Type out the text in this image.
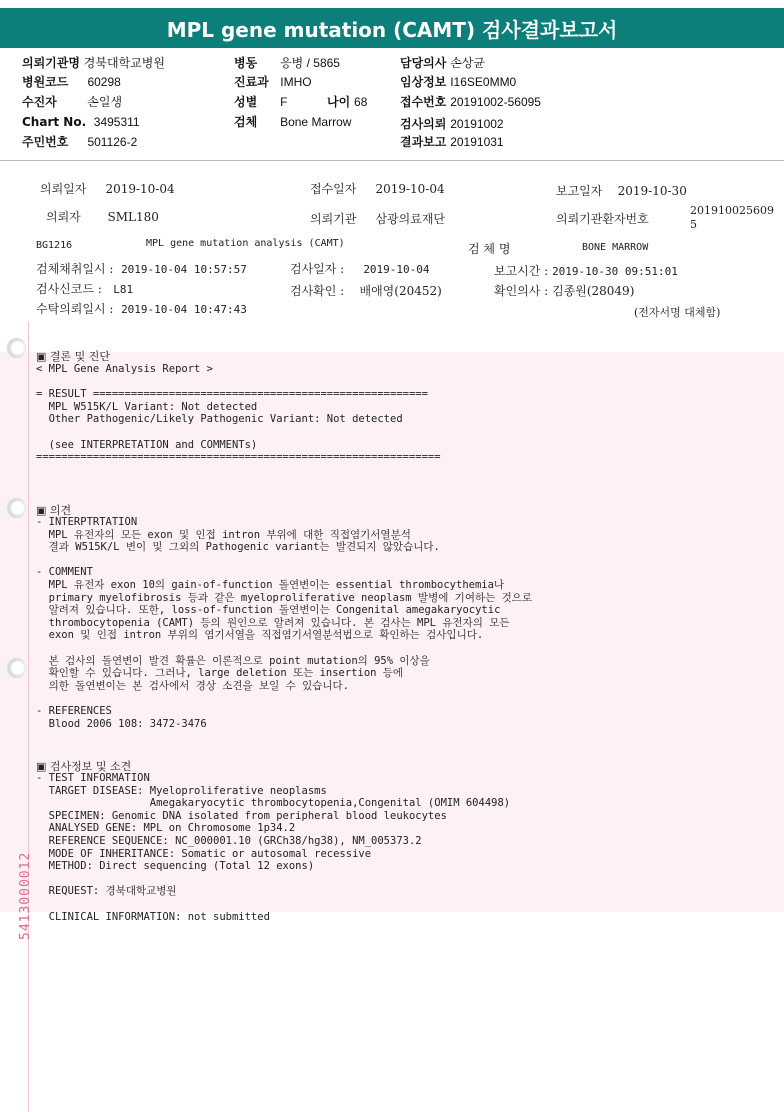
MPL gene mutation (CAMT) 검사결과보고서
의뢰기관명 경북대학교병원
병원코드 60298
수진자	손일생
Chart No. 3495311
주민번호 501126-2
병동 응병 / 5865
진료과 IMHO
성별 F	나이 68
검체 Bone Marrow
담당의사 손상균
임상정보 I16SE0MM0
접수번호 20191002-56095
검사의뢰 20191002
결과보고 20191031
의뢰일자 2019-10-04	접수일자 2019-10-04	보고일자 2019-10-30
의뢰자 SML180	의뢰기관 삼광의료재단	의뢰기관환자번호
201910025609
5
BG1216	MPL gene mutation analysis (CAMT)	검 체 명	BONE MARROW
검체채취일시 : 2019-10-04 10:57:57	검사일자 : 2019-10-04	보고시간 : 2019-10-30 09:51:01
검사신코드 : L81	검사확인 : 배애영(20452)	확인의사 : 김종원(28049)
수탁의뢰일시 : 2019-10-04 10:47:43	(전자서명 대체함)
▣ 결론 및 진단
< MPL Gene Analysis Report >

= RESULT =====================================================
MPL W515K/L Variant: Not detected
Other Pathogenic/Likely Pathogenic Variant: Not detected

(see INTERPRETATION and COMMENTs)
================================================================
▣ 의견
- INTERPTRTATION
MPL 유전자의 모든 exon 및 인접 intron 부위에 대한 직접염기서열분석
결과 W515K/L 변이 및 그외의 Pathogenic variant는 발견되지 않았습니다.

- COMMENT
MPL 유전자 exon 10의 gain-of-function 돌연변이는 essential thrombocythemia나
primary myelofibrosis 등과 같은 myeloproliferative neoplasm 발병에 기여하는 것으로
알려져 있습니다. 또한, loss-of-function 돌연변이는 Congenital amegakaryocytic
thrombocytopenia (CAMT) 등의 원인으로 알려져 있습니다. 본 검사는 MPL 유전자의 모든
exon 및 인접 intron 부위의 염기서열을 직접염기서열분석법으로 확인하는 검사입니다.

본 검사의 돌연변이 발견 확률은 이론적으로 point mutation의 95% 이상을
확인할 수 있습니다. 그러나, large deletion 또는 insertion 등에
의한 돌연변이는 본 검사에서 경상 소견을 보일 수 있습니다.

- REFERENCES
Blood 2006 108: 3472-3476
▣ 검사정보 및 소견
- TEST INFORMATION
TARGET DISEASE: Myeloproliferative neoplasms
Amegakaryocytic thrombocytopenia,Congenital (OMIM 604498)
SPECIMEN: Genomic DNA isolated from peripheral blood leukocytes
ANALYSED GENE: MPL on Chromosome 1p34.2
REFERENCE SEQUENCE: NC_000001.10 (GRCh38/hg38), NM_005373.2
MODE OF INHERITANCE: Somatic or autosomal recessive
METHOD: Direct sequencing (Total 12 exons)

REQUEST: 경북대학교병원

CLINICAL INFORMATION: not submitted
5413000012
